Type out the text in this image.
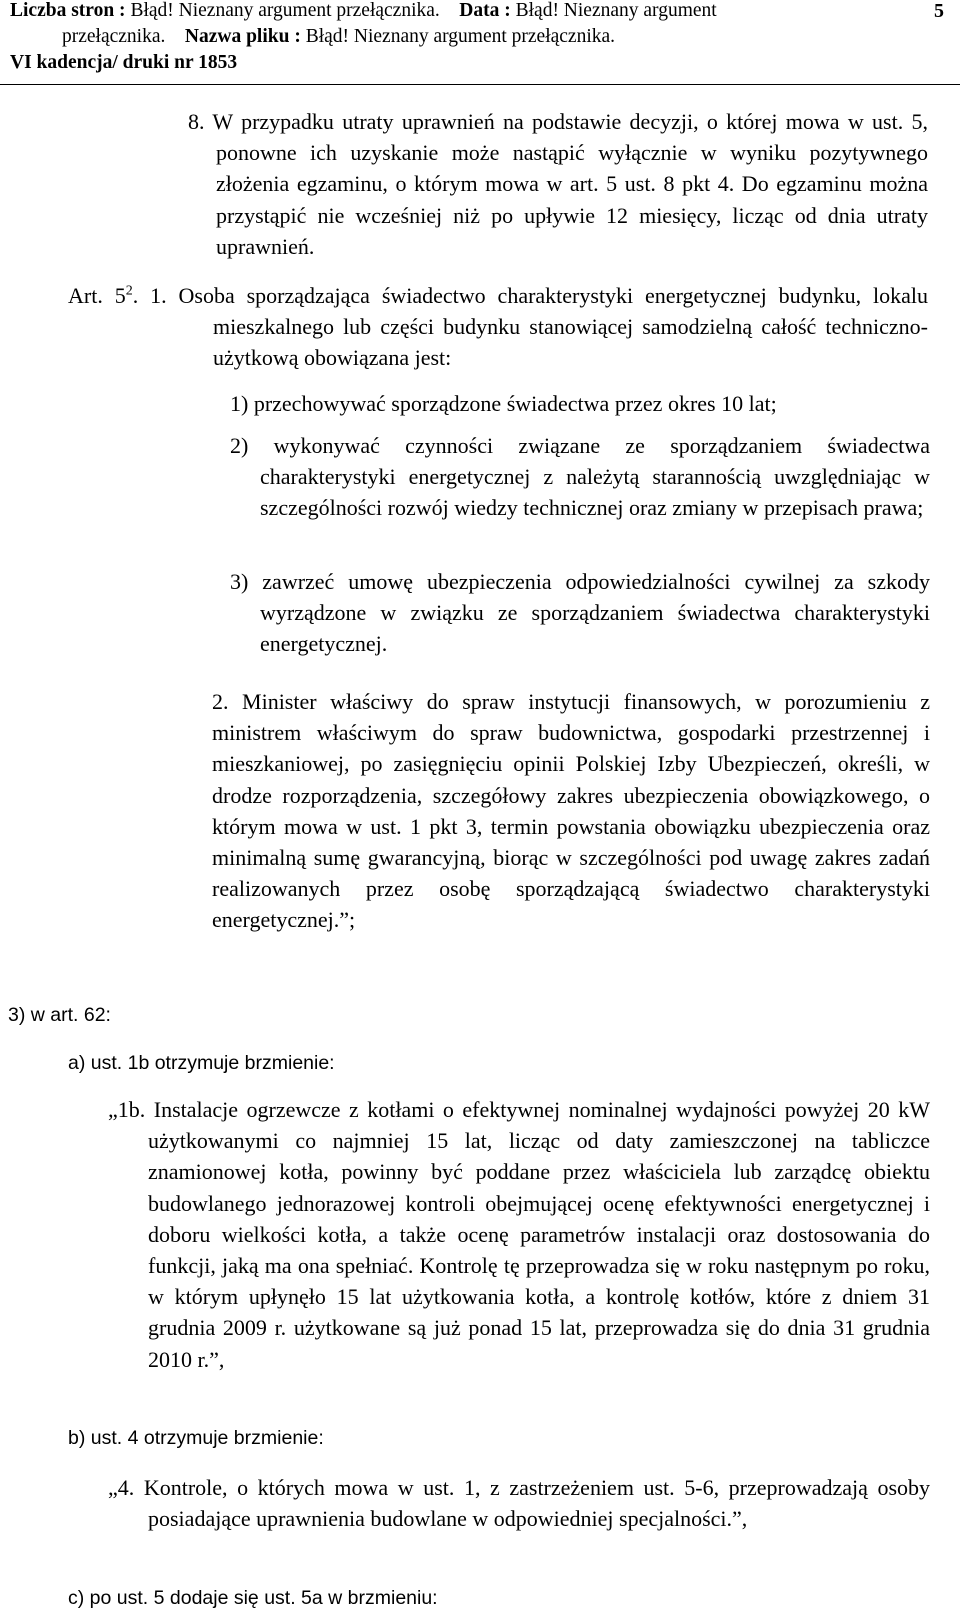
Liczba stron : Błąd! Nieznany argument przełącznika. Data : Błąd! Nieznany argument
przełącznika. Nazwa pliku : Błąd! Nieznany argument przełącznika.
VI kadencja/ druki nr 1853
5
8. W przypadku utraty uprawnień na podstawie decyzji, o której mowa w ust. 5, ponowne ich uzyskanie może nastąpić wyłącznie w wyniku pozytywnego złożenia egzaminu, o którym mowa w art. 5 ust. 8 pkt 4. Do egzaminu można przystąpić nie wcześniej niż po upływie 12 miesięcy, licząc od dnia utraty uprawnień.
Art. $5^2$. 1. Osoba sporządzająca świadectwo charakterystyki energetycznej budynku, lokalu mieszkalnego lub części budynku stanowiącej samodzielną całość techniczno-użytkową obowiązana jest:
1) przechowywać sporządzone świadectwa przez okres 10 lat;
2) wykonywać czynności związane ze sporządzaniem świadectwa charakterystyki energetycznej z należytą starannością uwzględniając w szczególności rozwój wiedzy technicznej oraz zmiany w przepisach prawa;
3) zawrzeć umowę ubezpieczenia odpowiedzialności cywilnej za szkody wyrządzone w związku ze sporządzaniem świadectwa charakterystyki energetycznej.
2. Minister właściwy do spraw instytucji finansowych, w porozumieniu z ministrem właściwym do spraw budownictwa, gospodarki przestrzennej i mieszkaniowej, po zasięgnięciu opinii Polskiej Izby Ubezpieczeń, określi, w drodze rozporządzenia, szczegółowy zakres ubezpieczenia obowiązkowego, o którym mowa w ust. 1 pkt 3, termin powstania obowiązku ubezpieczenia oraz minimalną sumę gwarancyjną, biorąc w szczególności pod uwagę zakres zadań realizowanych przez osobę sporządzającą świadectwo charakterystyki energetycznej.”;
3) w art. 62:
a) ust. 1b otrzymuje brzmienie:
„1b. Instalacje ogrzewcze z kotłami o efektywnej nominalnej wydajności powyżej 20 kW użytkowanymi co najmniej 15 lat, licząc od daty zamieszczonej na tabliczce znamionowej kotła, powinny być poddane przez właściciela lub zarządcę obiektu budowlanego jednorazowej kontroli obejmującej ocenę efektywności energetycznej i doboru wielkości kotła, a także ocenę parametrów instalacji oraz dostosowania do funkcji, jaką ma ona spełniać. Kontrolę tę przeprowadza się w roku następnym po roku, w którym upłynęło 15 lat użytkowania kotła, a kontrolę kotłów, które z dniem 31 grudnia 2009 r. użytkowane są już ponad 15 lat, przeprowadza się do dnia 31 grudnia 2010 r.”,
b) ust. 4 otrzymuje brzmienie:
„4. Kontrole, o których mowa w ust. 1, z zastrzeżeniem ust. 5-6, przeprowadzają osoby posiadające uprawnienia budowlane w odpowiedniej specjalności.”,
c) po ust. 5 dodaje się ust. 5a w brzmieniu:
